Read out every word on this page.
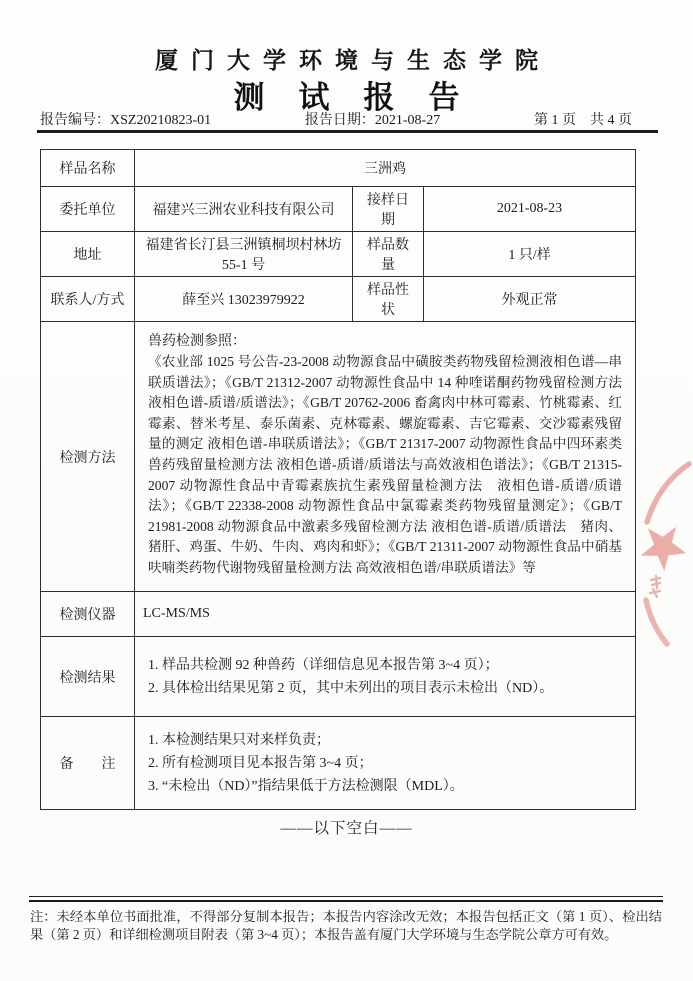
厦门大学环境与生态学院
测试报告
报告编号：XSZ20210823-01	报告日期：2021-08-27	第 1 页　共 4 页
样品名称	三洲鸡		
委托单位	福建兴三洲农业科技有限公司	接样日期	2021-08-23
地址	福建省长汀县三洲镇桐坝村林坊 55-1 号	样品数量	1 只/样
联系人/方式	薛至兴 13023979922	样品性状	外观正常
检测方法	兽药检测参照：
《农业部 1025 号公告-23-2008 动物源食品中磺胺类药物残留检测液相色谱—串联质谱法》；《GB/T 21312-2007 动物源性食品中 14 种喹诺酮药物残留检测方法 液相色谱-质谱/质谱法》；《GB/T 20762-2006 畜禽肉中林可霉素、竹桃霉素、红霉素、替米考星、泰乐菌素、克林霉素、螺旋霉素、吉它霉素、交沙霉素残留量的测定 液相色谱-串联质谱法》；《GB/T 21317-2007 动物源性食品中四环素类兽药残留量检测方法 液相色谱-质谱/质谱法与高效液相色谱法》；《GB/T 21315-2007 动物源性食品中青霉素族抗生素残留量检测方法　液相色谱-质谱/质谱法》；《GB/T 22338-2008 动物源性食品中氯霉素类药物残留量测定》；《GB/T 21981-2008 动物源食品中激素多残留检测方法 液相色谱-质谱/质谱法　猪肉、猪肝、鸡蛋、牛奶、牛肉、鸡肉和虾》；《GB/T 21311-2007 动物源性食品中硝基呋喃类药物代谢物残留量检测方法 高效液相色谱/串联质谱法》等		

检测仪器	LC-MS/MS		
检测结果	1. 样品共检测 92 种兽药（详细信息见本报告第 3~4 页）；
2. 具体检出结果见第 2 页，其中未列出的项目表示未检出（ND）。		

备　　注	1. 本检测结果只对来样负责；
2. 所有检测项目见本报告第 3~4 页；
3. “未检出（ND）”指结果低于方法检测限（MDL）。		
——以下空白——
注：未经本单位书面批准，不得部分复制本报告；本报告内容涂改无效；本报告包括正文（第 1 页）、检出结果（第 2 页）和详细检测项目附表（第 3~4 页）；本报告盖有厦门大学环境与生态学院公章方可有效。
